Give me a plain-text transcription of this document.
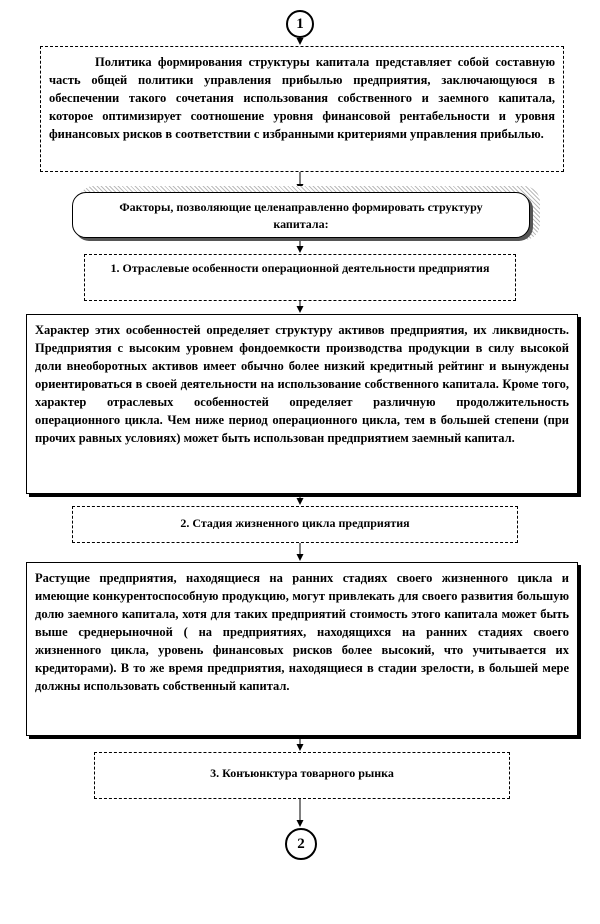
1
Политика формирования структуры капитала представляет собой составную часть общей политики управления прибылью предприятия, заключающуюся в обеспечении такого сочетания использования собственного и заемного капитала, которое оптимизирует соотношение уровня финансовой рентабельности и уровня финансовых рисков в соответствии с избранными критериями управления прибылью.
Факторы, позволяющие целенаправленно формировать структуру капитала:
1. Отраслевые особенности операционной деятельности предприятия
Характер этих особенностей определяет структуру активов предприятия, их ликвидность. Предприятия с высоким уровнем фондоемкости производства продукции в силу высокой доли внеоборотных активов имеет обычно более низкий кредитный рейтинг и вынуждены ориентироваться в своей деятельности на использование собственного капитала. Кроме того, характер отраслевых особенностей определяет различную продолжительность операционного цикла. Чем ниже период операционного цикла, тем в большей степени (при прочих равных условиях) может быть использован предприятием заемный капитал.
2. Стадия жизненного цикла предприятия
Растущие предприятия, находящиеся на ранних стадиях своего жизненного цикла и имеющие конкурентоспособную продукцию, могут привлекать для своего развития большую долю заемного капитала, хотя для таких предприятий стоимость этого капитала может быть выше среднерыночной ( на предприятиях, находящихся на ранних стадиях своего жизненного цикла, уровень финансовых рисков более высокий, что учитывается их кредиторами). В то же время предприятия, находящиеся в стадии зрелости, в большей мере должны использовать собственный капитал.
3. Конъюнктура товарного рынка
2
